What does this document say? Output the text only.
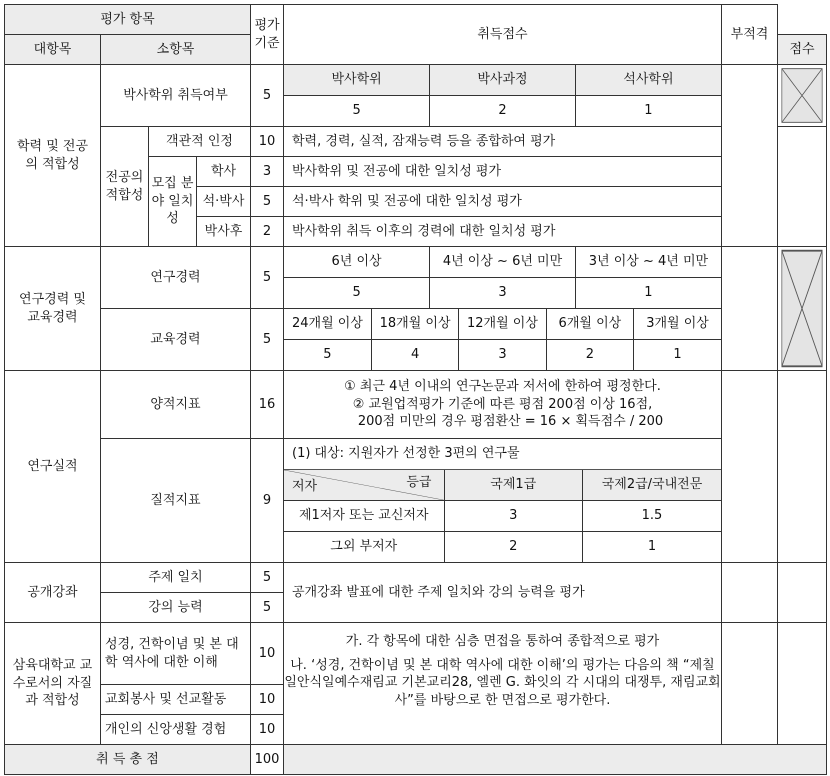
평가 항목	평가기준	취득점수	부적격
대항목	소항목	점수
학력 및 전공의 적합성	박사학위 취득여부	5	
박사학위	박사과정	석사학위
5	2	1

전공의 적합성	객관적 인정	10	학력, 경력, 실적, 잠재능력 등을 종합하여 평가	
모집 분야 일치성	학사	3	박사학위 및 전공에 대한 일치성 평가
석·박사	5	석·박사 학위 및 전공에 대한 일치성 평가
박사후	2	박사학위 취득 이후의 경력에 대한 일치성 평가
연구경력 및 교육경력	연구경력	5	
6년 이상	4년 이상 ~ 6년 미만	3년 이상 ~ 4년 미만
5	3	1

교육경력	5	
24개월 이상	18개월 이상	12개월 이상	6개월 이상	3개월 이상
5	4	3	2	1

연구실적	양적지표	16	
① 최근 4년 이내의 연구논문과 저서에 한하여 평정한다.
② 교원업적평가 기준에 따른 평점 200점 이상 16점,
200점 미만의 경우 평점환산 = 16 × 획득점수 / 200

질적지표	9	
(1) 대상: 지원자가 선정한 3편의 연구물

등급
저자	국제1급	국제2급/국내전문
제1저자 또는 교신저자	3	1.5
그외 부저자	2	1

공개강좌	주제 일치	5	공개강좌 발표에 대한 주제 일치와 강의 능력을 평가		
강의 능력	5
삼육대학교 교수로서의 자질과 적합성	성경, 건학이념 및 본 대학 역사에 대한 이해	10	
가. 각 항목에 대한 심층 면접을 통하여 종합적으로 평가
나. ‘성경, 건학이념 및 본 대학 역사에 대한 이해’의 평가는 다음의 책 “제칠일안식일예수재림교 기본교리28, 엘렌 G. 화잇의 각 시대의 대쟁투, 재림교회사”를 바탕으로 한 면접으로 평가한다.

교회봉사 및 선교활동	10
개인의 신앙생활 경험	10
취 득 총 점	100	
